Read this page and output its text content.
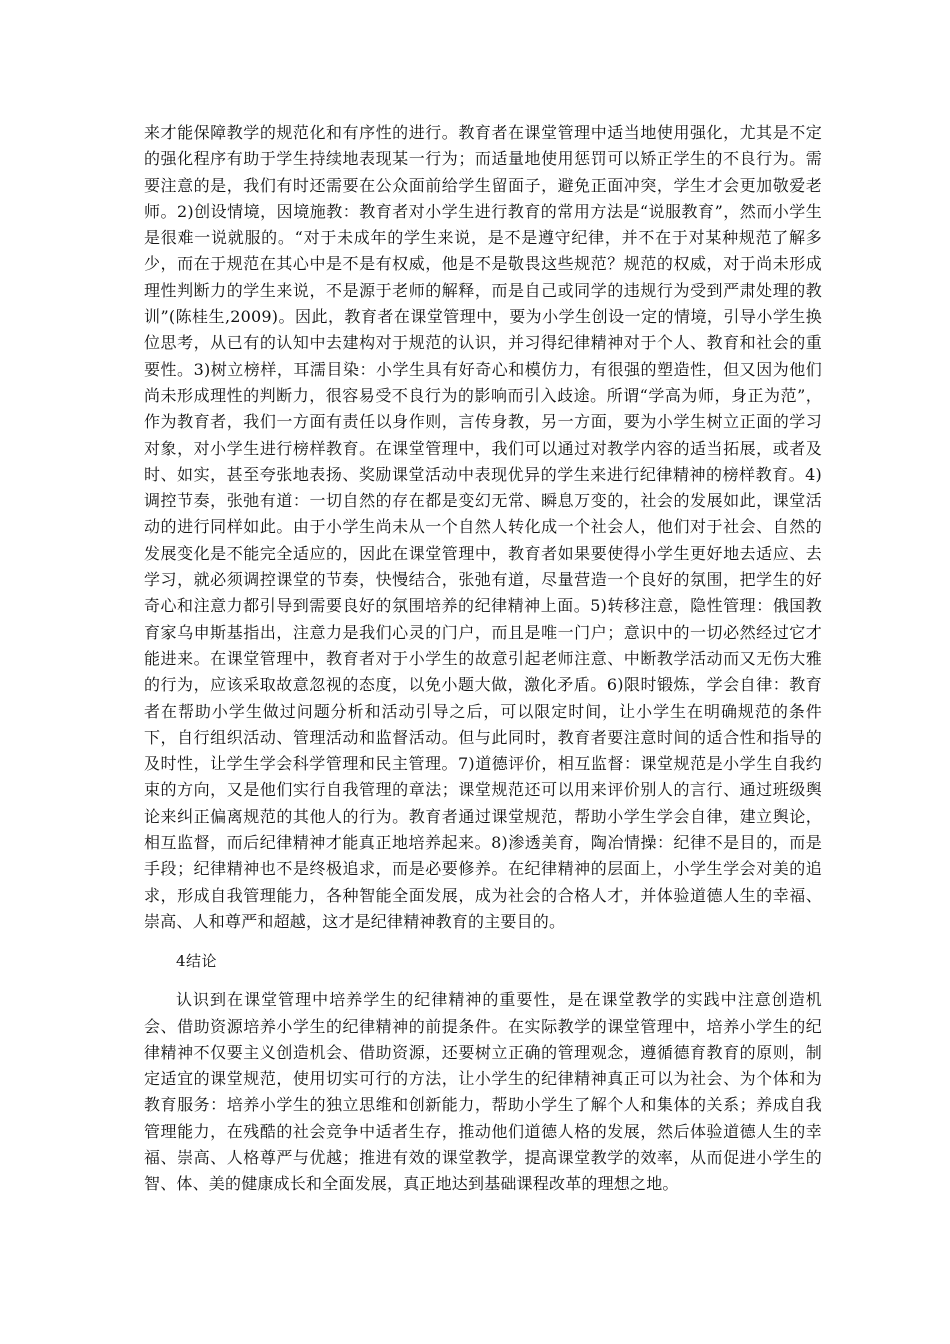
来才能保障教学的规范化和有序性的进行。教育者在课堂管理中适当地使用强化，尤其是不定的强化程序有助于学生持续地表现某一行为；而适量地使用惩罚可以矫正学生的不良行为。需要注意的是，我们有时还需要在公众面前给学生留面子，避免正面冲突，学生才会更加敬爱老师。2)创设情境，因境施教：教育者对小学生进行教育的常用方法是“说服教育”，然而小学生是很难一说就服的。“对于未成年的学生来说，是不是遵守纪律，并不在于对某种规范了解多少，而在于规范在其心中是不是有权威，他是不是敬畏这些规范？规范的权威，对于尚未形成理性判断力的学生来说，不是源于老师的解释，而是自己或同学的违规行为受到严肃处理的教训”(陈桂生,2009)。因此，教育者在课堂管理中，要为小学生创设一定的情境，引导小学生换位思考，从已有的认知中去建构对于规范的认识，并习得纪律精神对于个人、教育和社会的重要性。3)树立榜样，耳濡目染：小学生具有好奇心和模仿力，有很强的塑造性，但又因为他们尚未形成理性的判断力，很容易受不良行为的影响而引入歧途。所谓“学高为师，身正为范”，作为教育者，我们一方面有责任以身作则，言传身教，另一方面，要为小学生树立正面的学习对象，对小学生进行榜样教育。在课堂管理中，我们可以通过对教学内容的适当拓展，或者及时、如实，甚至夸张地表扬、奖励课堂活动中表现优异的学生来进行纪律精神的榜样教育。4)调控节奏，张弛有道：一切自然的存在都是变幻无常、瞬息万变的，社会的发展如此，课堂活动的进行同样如此。由于小学生尚未从一个自然人转化成一个社会人，他们对于社会、自然的发展变化是不能完全适应的，因此在课堂管理中，教育者如果要使得小学生更好地去适应、去学习，就必须调控课堂的节奏，快慢结合，张弛有道，尽量营造一个良好的氛围，把学生的好奇心和注意力都引导到需要良好的氛围培养的纪律精神上面。5)转移注意，隐性管理：俄国教育家乌申斯基指出，注意力是我们心灵的门户，而且是唯一门户；意识中的一切必然经过它才能进来。在课堂管理中，教育者对于小学生的故意引起老师注意、中断教学活动而又无伤大雅的行为，应该采取故意忽视的态度，以免小题大做，激化矛盾。6)限时锻炼，学会自律：教育者在帮助小学生做过问题分析和活动引导之后，可以限定时间，让小学生在明确规范的条件下，自行组织活动、管理活动和监督活动。但与此同时，教育者要注意时间的适合性和指导的及时性，让学生学会科学管理和民主管理。7)道德评价，相互监督：课堂规范是小学生自我约束的方向，又是他们实行自我管理的章法；课堂规范还可以用来评价别人的言行、通过班级舆论来纠正偏离规范的其他人的行为。教育者通过课堂规范，帮助小学生学会自律，建立舆论，相互监督，而后纪律精神才能真正地培养起来。8)渗透美育，陶冶情操：纪律不是目的，而是手段；纪律精神也不是终极追求，而是必要修养。在纪律精神的层面上，小学生学会对美的追求，形成自我管理能力，各种智能全面发展，成为社会的合格人才，并体验道德人生的幸福、崇高、人和尊严和超越，这才是纪律精神教育的主要目的。

4结论

认识到在课堂管理中培养学生的纪律精神的重要性，是在课堂教学的实践中注意创造机会、借助资源培养小学生的纪律精神的前提条件。在实际教学的课堂管理中，培养小学生的纪律精神不仅要主义创造机会、借助资源，还要树立正确的管理观念，遵循德育教育的原则，制定适宜的课堂规范，使用切实可行的方法，让小学生的纪律精神真正可以为社会、为个体和为教育服务：培养小学生的独立思维和创新能力，帮助小学生了解个人和集体的关系；养成自我管理能力，在残酷的社会竞争中适者生存，推动他们道德人格的发展，然后体验道德人生的幸福、崇高、人格尊严与优越；推进有效的课堂教学，提高课堂教学的效率，从而促进小学生的智、体、美的健康成长和全面发展，真正地达到基础课程改革的理想之地。
